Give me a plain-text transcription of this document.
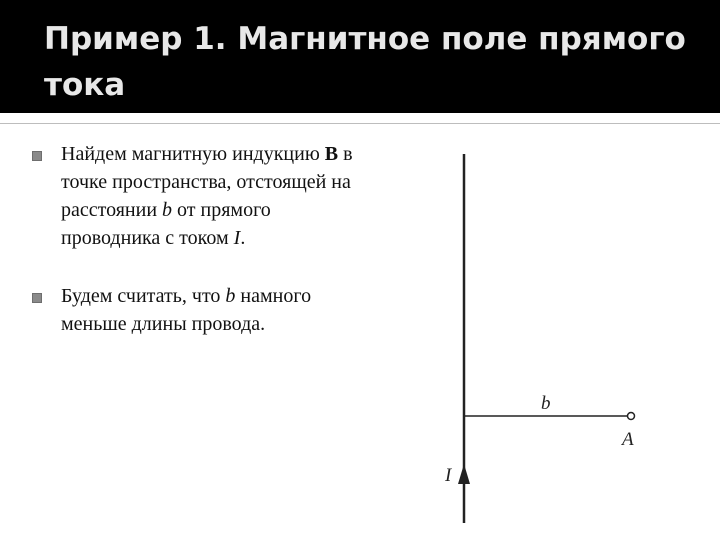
Пример 1. Магнитное поле прямого тока
Найдем магнитную индукцию B в точке пространства, отстоящей на расстоянии b от прямого проводника с током I.
Будем считать, что b намного меньше длины провода.
b
A
I
